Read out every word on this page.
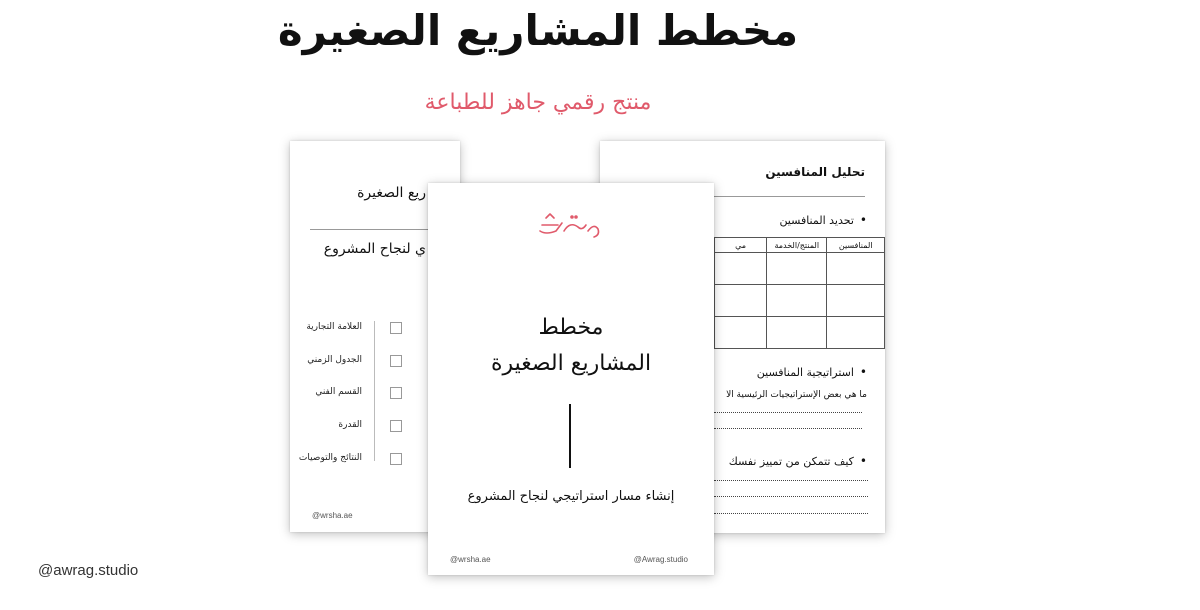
مخطط المشاريع الصغيرة
منتج رقمي جاهز للطباعة
ريع الصغيرة
ي لنجاح المشروع
العلامة التجارية
الجدول الزمني
القسم الفني
القدرة
النتائج والتوصيات
@wrsha.ae
تحليل المنافسين
•تحديد المنافسين
المنافسين	المنتج/الخدمة	مي

•استراتيجية المنافسين
ما هي بعض الإستراتيجيات الرئيسية الا
•كيف تتمكن من تمييز نفسك
مخطط
المشاريع الصغيرة
إنشاء مسار استراتيجي لنجاح المشروع
@wrsha.ae	@Awrag.studio
@awrag.studio
